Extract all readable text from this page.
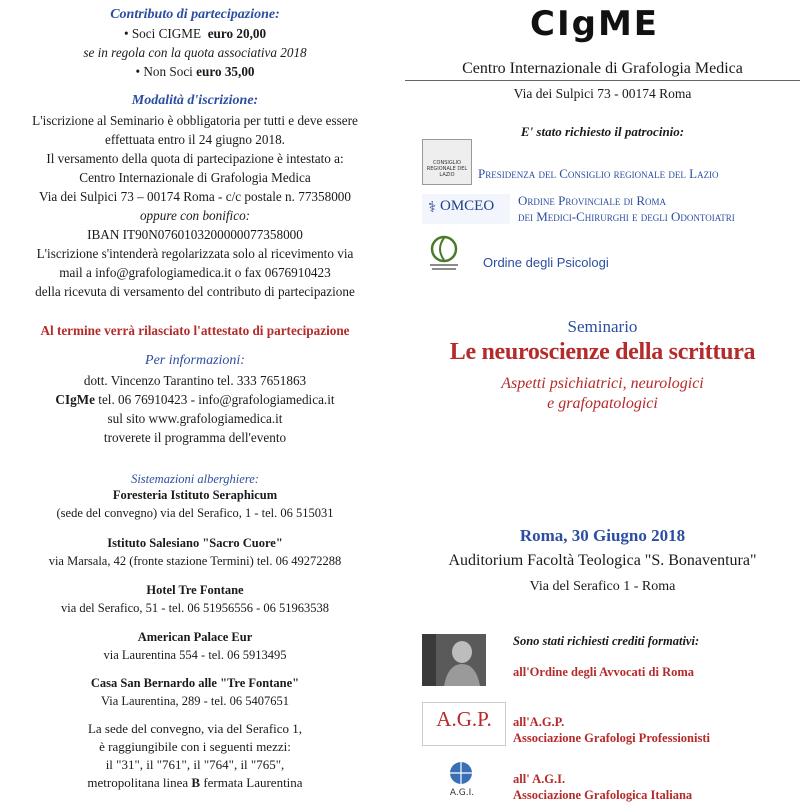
Contributo di partecipazione:
• Soci CIGME euro 20,00
se in regola con la quota associativa 2018
• Non Soci euro 35,00
Modalità d'iscrizione:
L'iscrizione al Seminario è obbligatoria per tutti e deve essere
effettuata entro il 24 giugno 2018.
Il versamento della quota di partecipazione è intestato a:
Centro Internazionale di Grafologia Medica
Via dei Sulpici 73 – 00174 Roma - c/c postale n. 77358000
oppure con bonifico:
IBAN IT90N0760103200000077358000
L'iscrizione s'intenderà regolarizzata solo al ricevimento via
mail a info@grafologiamedica.it o fax 0676910423
della ricevuta di versamento del contributo di partecipazione
Al termine verrà rilasciato l'attestato di partecipazione
Per informazioni:
dott. Vincenzo Tarantino tel. 333 7651863
CIgMe tel. 06 76910423 - info@grafologiamedica.it
sul sito www.grafologiamedica.it
troverete il programma dell'evento
Sistemazioni alberghiere:
Foresteria Istituto Seraphicum
(sede del convegno) via del Serafico, 1 - tel. 06 515031
Istituto Salesiano "Sacro Cuore"
via Marsala, 42 (fronte stazione Termini) tel. 06 49272288
Hotel Tre Fontane
via del Serafico, 51 - tel. 06 51956556 - 06 51963538
American Palace Eur
via Laurentina 554 - tel. 06 5913495
Casa San Bernardo alle "Tre Fontane"
Via Laurentina, 289 - tel. 06 5407651
La sede del convegno, via del Serafico 1,
è raggiungibile con i seguenti mezzi:
il "31", il "761", il "764", il "765",
metropolitana linea B fermata Laurentina
CIgME
Centro Internazionale di Grafologia Medica
Via dei Sulpici 73 - 00174 Roma
E' stato richiesto il patrocinio:
CONSIGLIO REGIONALE DEL LAZIO	Presidenza del Consiglio regionale del Lazio
⚕ OMCEO Ordine Provinciale di Roma
dei Medici-Chirurghi e degli Odontoiatri
Ordine degli Psicologi
Seminario
Le neuroscienze della scrittura
Aspetti psichiatrici, neurologici
e grafopatologici
Roma, 30 Giugno 2018
Auditorium Facoltà Teologica "S. Bonaventura"
Via del Serafico 1 - Roma
Sono stati richiesti crediti formativi:
all'Ordine degli Avvocati di Roma
A.G.P.	all'A.G.P.
Associazione Grafologi Professionisti
A.G.I.
all' A.G.I.
Associazione Grafologica Italiana
